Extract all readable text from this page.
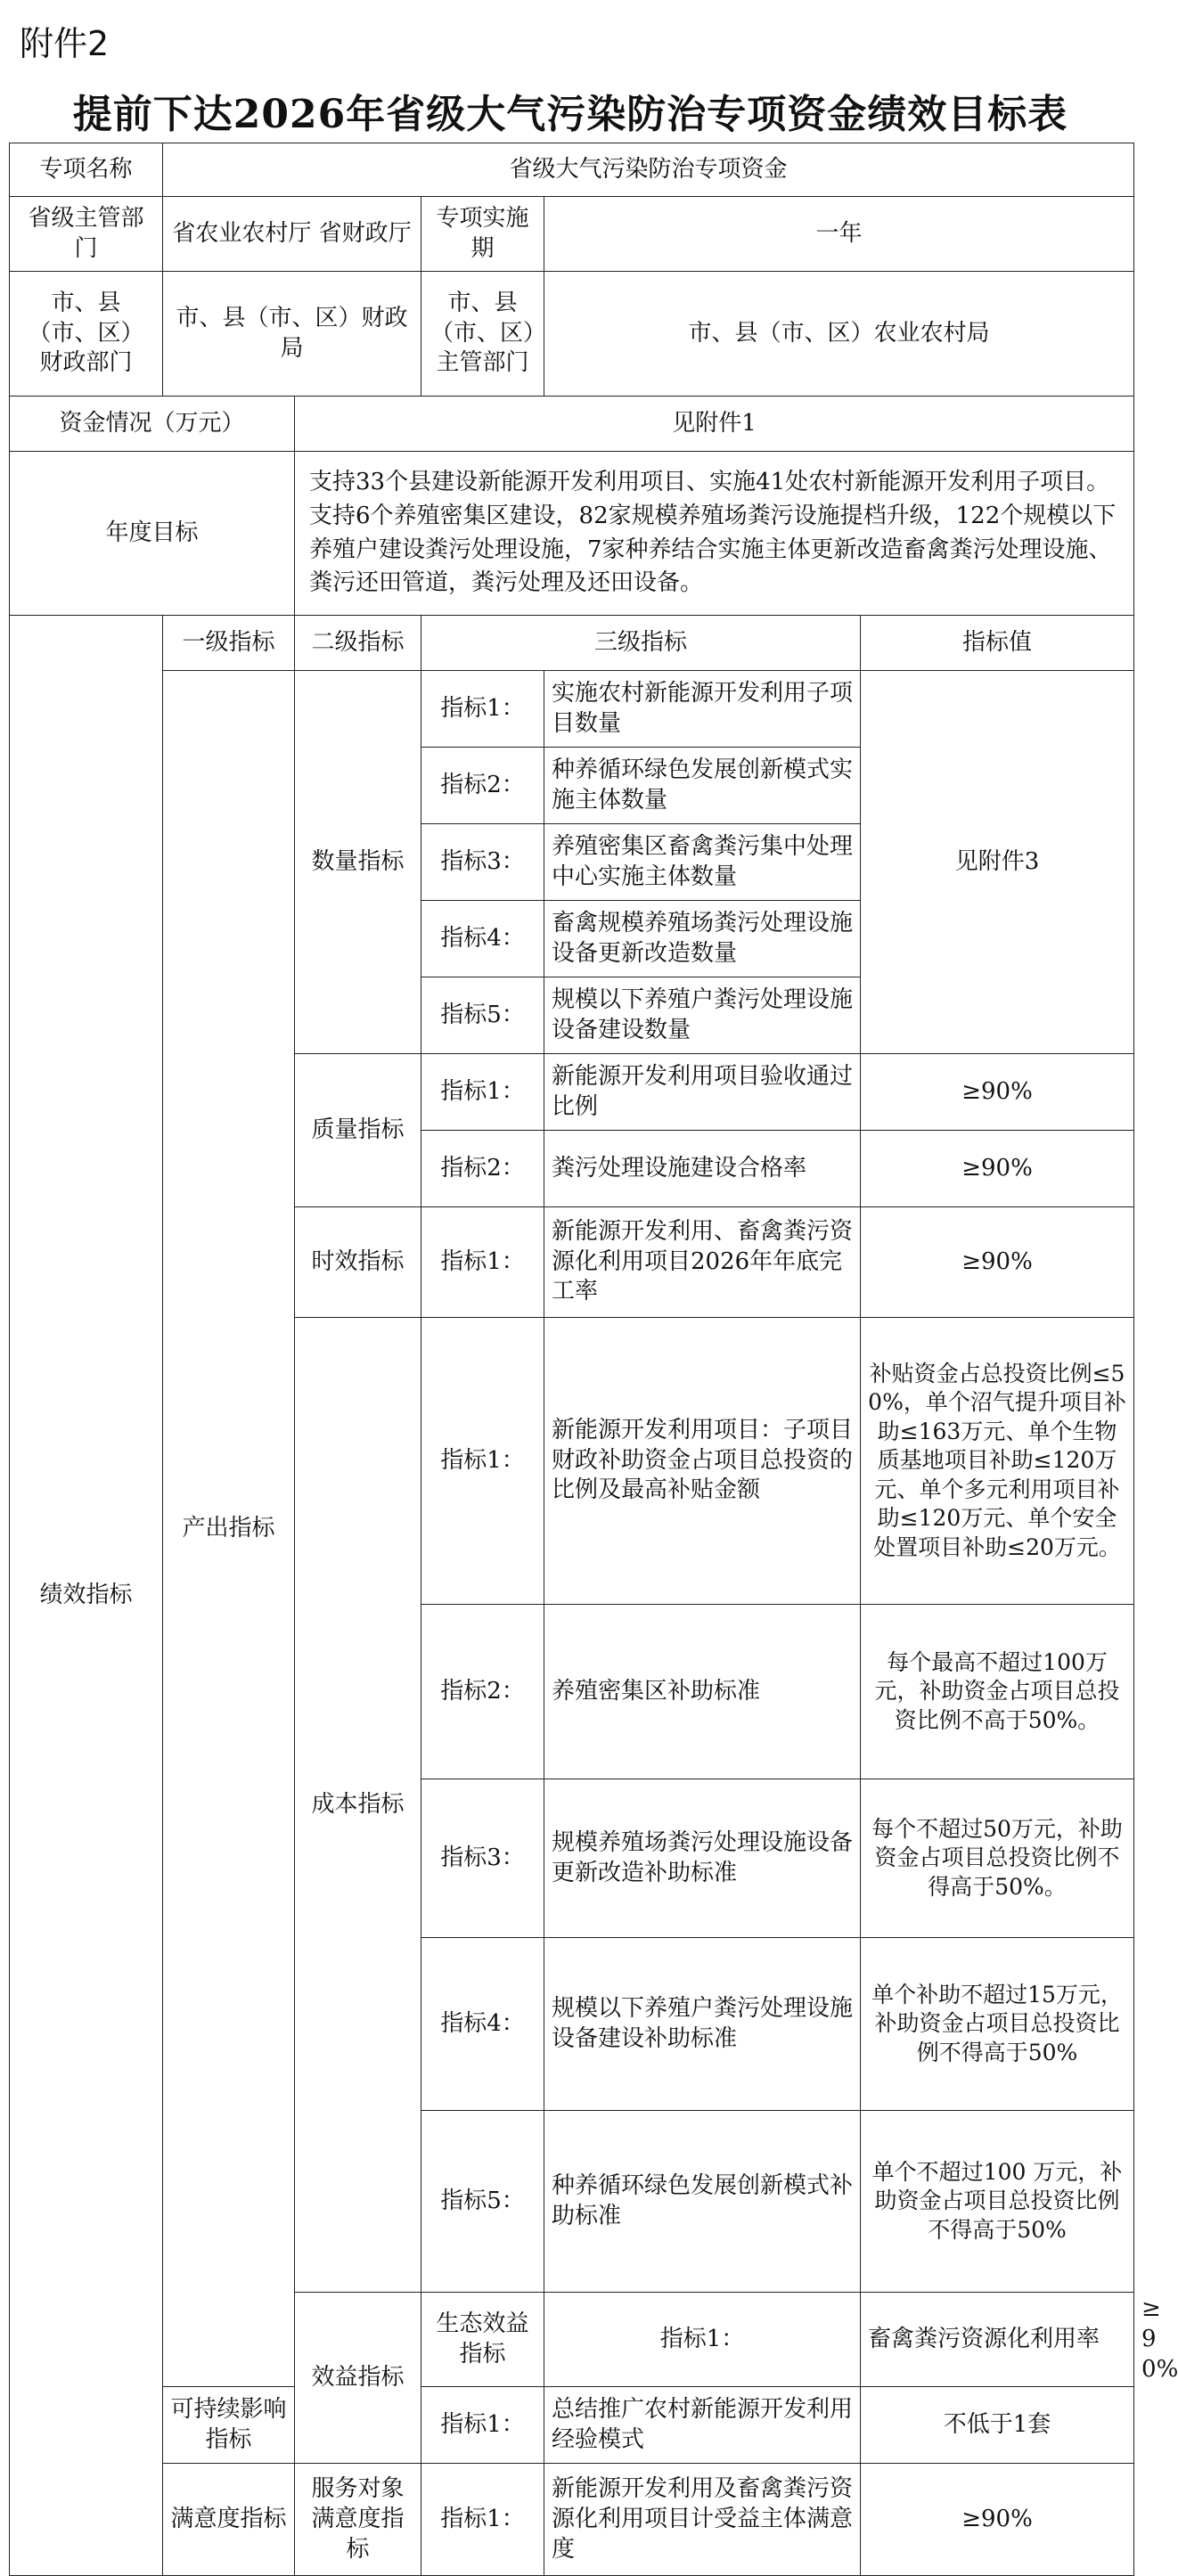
附件2
提前下达2026年省级大气污染防治专项资金绩效目标表
专项名称	省级大气污染防治专项资金					
省级主管部门	省农业农村厅 省财政厅		专项实施期	一年		
市、县（市、区）财政部门	市、县（市、区）财政局		市、县（市、区）主管部门	市、县（市、区）农业农村局		
资金情况（万元）		见附件1				
年度目标		支持33个县建设新能源开发利用项目、实施41处农村新能源开发利用子项目。支持6个养殖密集区建设，82家规模养殖场粪污设施提档升级，122个规模以下养殖户建设粪污处理设施，7家种养结合实施主体更新改造畜禽粪污处理设施、粪污还田管道，粪污处理及还田设备。				
绩效指标	一级指标	二级指标	三级指标		指标值	
	产出指标	数量指标	指标1：	实施农村新能源开发利用子项目数量	见附件3	
			指标2：	种养循环绿色发展创新模式实施主体数量		
			指标3：	养殖密集区畜禽粪污集中处理中心实施主体数量		
			指标4：	畜禽规模养殖场粪污处理设施设备更新改造数量		
			指标5：	规模以下养殖户粪污处理设施设备建设数量		
		质量指标	指标1：	新能源开发利用项目验收通过比例	≥90%	
			指标2：	粪污处理设施建设合格率	≥90%	
		时效指标	指标1：	新能源开发利用、畜禽粪污资源化利用项目2026年年底完工率	≥90%	
		成本指标	指标1：	新能源开发利用项目：子项目财政补助资金占项目总投资的比例及最高补贴金额	补贴资金占总投资比例≤50%，单个沼气提升项目补助≤163万元、单个生物质基地项目补助≤120万元、单个多元利用项目补助≤120万元、单个安全处置项目补助≤20万元。	
			指标2：	养殖密集区补助标准	每个最高不超过100万元，补助资金占项目总投资比例不高于50%。	
			指标3：	规模养殖场粪污处理设施设备更新改造补助标准	每个不超过50万元，补助资金占项目总投资比例不得高于50%。	
			指标4：	规模以下养殖户粪污处理设施设备建设补助标准	单个补助不超过15万元，补助资金占项目总投资比例不得高于50%	
			指标5：	种养循环绿色发展创新模式补助标准	单个不超过100 万元，补助资金占项目总投资比例不得高于50%	
		效益指标	生态效益指标	指标1：	畜禽粪污资源化利用率	≥90%
	可持续影响指标		指标1：	总结推广农村新能源开发利用经验模式	不低于1套	
	满意度指标	服务对象满意度指标	指标1：	新能源开发利用及畜禽粪污资源化利用项目计受益主体满意度	≥90%	
